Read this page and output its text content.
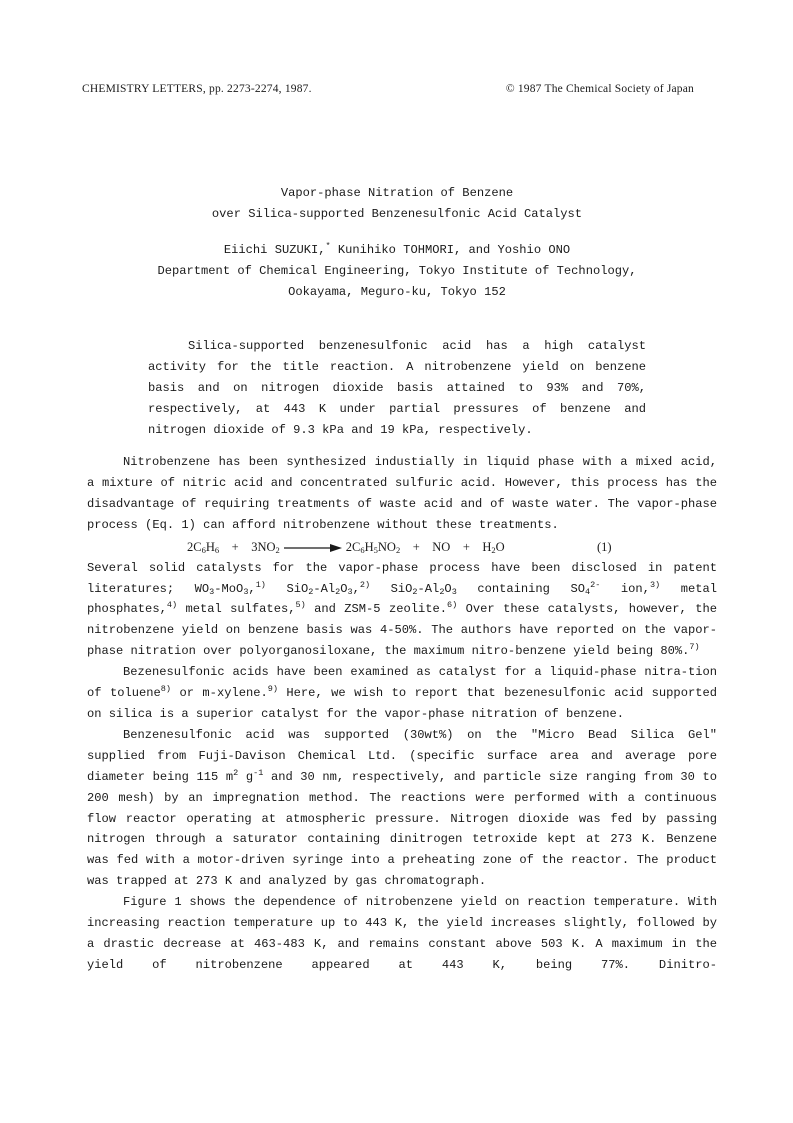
CHEMISTRY LETTERS, pp. 2273-2274, 1987.	© 1987 The Chemical Society of Japan
Vapor-phase Nitration of Benzene
over Silica-supported Benzenesulfonic Acid Catalyst
Eiichi SUZUKI,* Kunihiko TOHMORI, and Yoshio ONO
Department of Chemical Engineering, Tokyo Institute of Technology,
Ookayama, Meguro-ku, Tokyo 152
Silica-supported benzenesulfonic acid has a high catalyst activity for the title reaction. A nitrobenzene yield on benzene basis and on nitrogen dioxide basis attained to 93% and 70%, respectively, at 443 K under partial pressures of benzene and nitrogen dioxide of 9.3 kPa and 19 kPa, respectively.

Nitrobenzene has been synthesized industially in liquid phase with a mixed acid, a mixture of nitric acid and concentrated sulfuric acid. However, this process has the disadvantage of requiring treatments of waste acid and of waste water. The vapor-phase process (Eq. 1) can afford nitrobenzene without these treatments.

$2C_6H_6 + 3NO_2$	$2C_6H_5NO_2$ + NO + $H_2O$	(1)

Several solid catalysts for the vapor-phase process have been disclosed in patent literatures; $WO_3-MoO_3,^{1)}$ $SiO_2-Al_2O_3,^{2)}$ $SiO_2-Al_2O_3$ containing $SO_4^{2-}$ ion,$^{3)}$ metal phosphates,$^{4)}$ metal sulfates,$^{5)}$ and ZSM-5 zeolite.$^{6)}$ Over these catalysts, however, the nitrobenzene yield on benzene basis was 4-50%. The authors have reported on the vapor-phase nitration over polyorganosiloxane, the maximum nitro-benzene yield being 80%.$^{7)}$

Bezenesulfonic acids have been examined as catalyst for a liquid-phase nitra-tion of toluene$^{8)}$ or m-xylene.$^{9)}$ Here, we wish to report that bezenesulfonic acid supported on silica is a superior catalyst for the vapor-phase nitration of benzene.

Benzenesulfonic acid was supported (30wt%) on the "Micro Bead Silica Gel" supplied from Fuji-Davison Chemical Ltd. (specific surface area and average pore diameter being 115 $m^2$ $g^{-1}$ and 30 nm, respectively, and particle size ranging from 30 to 200 mesh) by an impregnation method. The reactions were performed with a continuous flow reactor operating at atmospheric pressure. Nitrogen dioxide was fed by passing nitrogen through a saturator containing dinitrogen tetroxide kept at 273 K. Benzene was fed with a motor-driven syringe into a preheating zone of the reactor. The product was trapped at 273 K and analyzed by gas chromatograph.

Figure 1 shows the dependence of nitrobenzene yield on reaction temperature. With increasing reaction temperature up to 443 K, the yield increases slightly, followed by a drastic decrease at 463-483 K, and remains constant above 503 K. A maximum in the yield of nitrobenzene appeared at 443 K, being 77%. Dinitro-
